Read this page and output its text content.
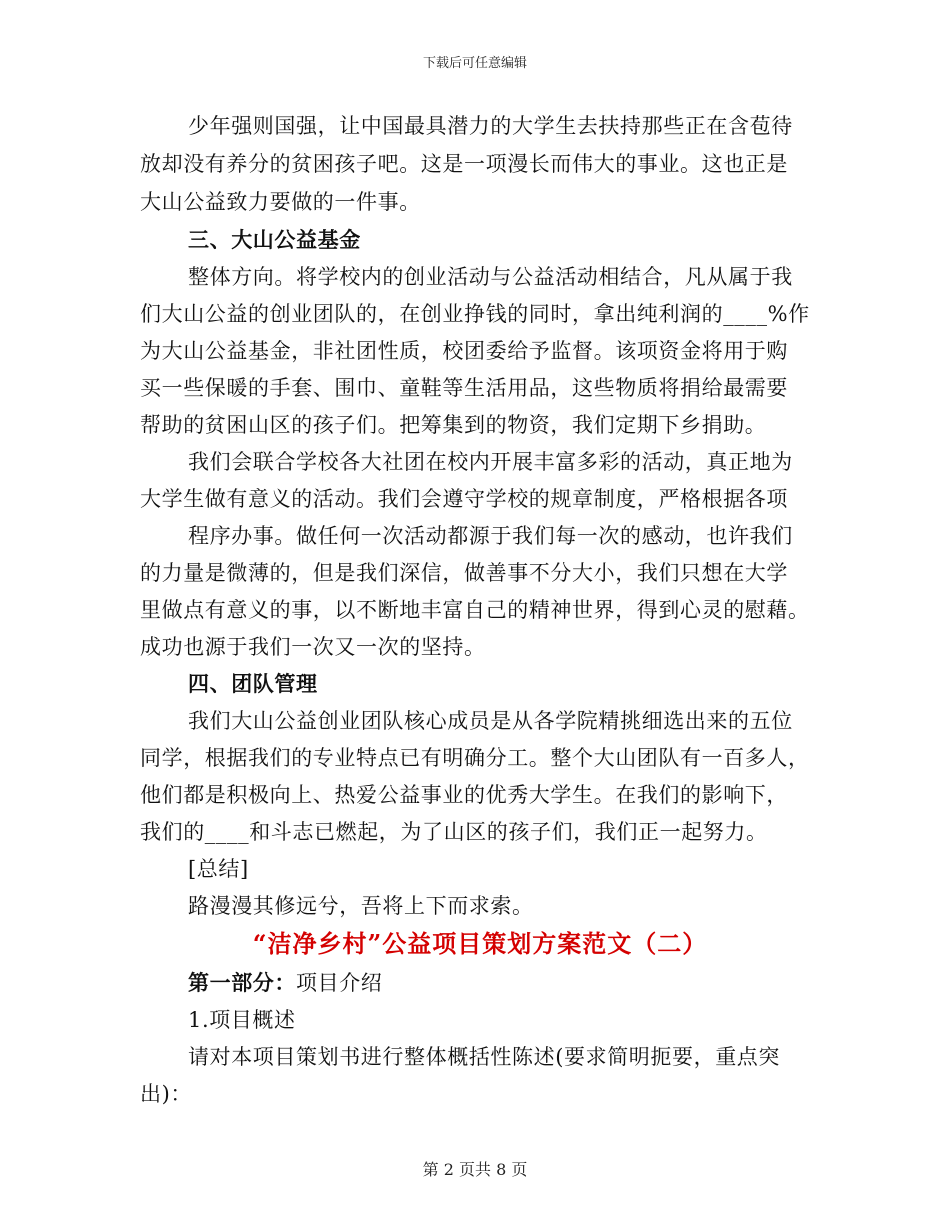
下载后可任意编辑
少年强则国强，让中国最具潜力的大学生去扶持那些正在含苞待
放却没有养分的贫困孩子吧。这是一项漫长而伟大的事业。这也正是
大山公益致力要做的一件事。
三、大山公益基金
整体方向。将学校内的创业活动与公益活动相结合，凡从属于我
们大山公益的创业团队的，在创业挣钱的同时，拿出纯利润的____%作
为大山公益基金，非社团性质，校团委给予监督。该项资金将用于购
买一些保暖的手套、围巾、童鞋等生活用品，这些物质将捐给最需要
帮助的贫困山区的孩子们。把筹集到的物资，我们定期下乡捐助。
我们会联合学校各大社团在校内开展丰富多彩的活动，真正地为
大学生做有意义的活动。我们会遵守学校的规章制度，严格根据各项
程序办事。做任何一次活动都源于我们每一次的感动，也许我们
的力量是微薄的，但是我们深信，做善事不分大小，我们只想在大学
里做点有意义的事，以不断地丰富自己的精神世界，得到心灵的慰藉。
成功也源于我们一次又一次的坚持。
四、团队管理
我们大山公益创业团队核心成员是从各学院精挑细选出来的五位
同学，根据我们的专业特点已有明确分工。整个大山团队有一百多人，
他们都是积极向上、热爱公益事业的优秀大学生。在我们的影响下，
我们的____和斗志已燃起，为了山区的孩子们，我们正一起努力。
[总结]
路漫漫其修远兮，吾将上下而求索。
“洁净乡村”公益项目策划方案范文（二）
第一部分：项目介绍
1.项目概述
请对本项目策划书进行整体概括性陈述(要求简明扼要，重点突
出)：
第 2 页共 8 页
